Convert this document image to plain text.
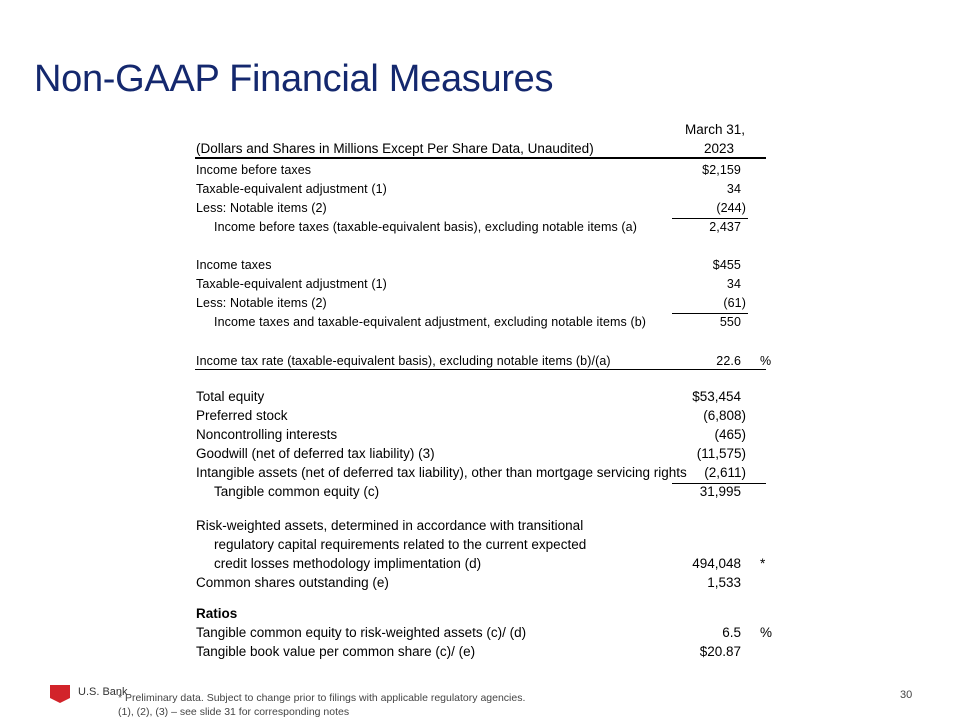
Non-GAAP Financial Measures
March 31,
2023
(Dollars and Shares in Millions Except Per Share Data, Unaudited)
Income before taxes	$2,159
Taxable-equivalent adjustment (1)	34
Less: Notable items (2)	(244)
Income before taxes (taxable-equivalent basis), excluding notable items (a)	2,437
Income taxes	$455
Taxable-equivalent adjustment (1)	34
Less: Notable items (2)	(61)
Income taxes and taxable-equivalent adjustment, excluding notable items (b)	550
Income tax rate (taxable-equivalent basis), excluding notable items (b)/(a)	22.6 %
Total equity	$53,454
Preferred stock	(6,808)
Noncontrolling interests	(465)
Goodwill (net of deferred tax liability) (3)	(11,575)
Intangible assets (net of deferred tax liability), other than mortgage servicing rights (2,611)
Tangible common equity (c)	31,995
Risk-weighted assets, determined in accordance with transitional
regulatory capital requirements related to the current expected
credit losses methodology implimentation (d)	494,048 *
Common shares outstanding (e)	1,533
Ratios
Tangible common equity to risk-weighted assets (c)/ (d)	6.5 %
Tangible book value per common share (c)/ (e)	$20.87
U.S. Bank
* Preliminary data. Subject to change prior to filings with applicable regulatory agencies.
(1), (2), (3) – see slide 31 for corresponding notes
30
